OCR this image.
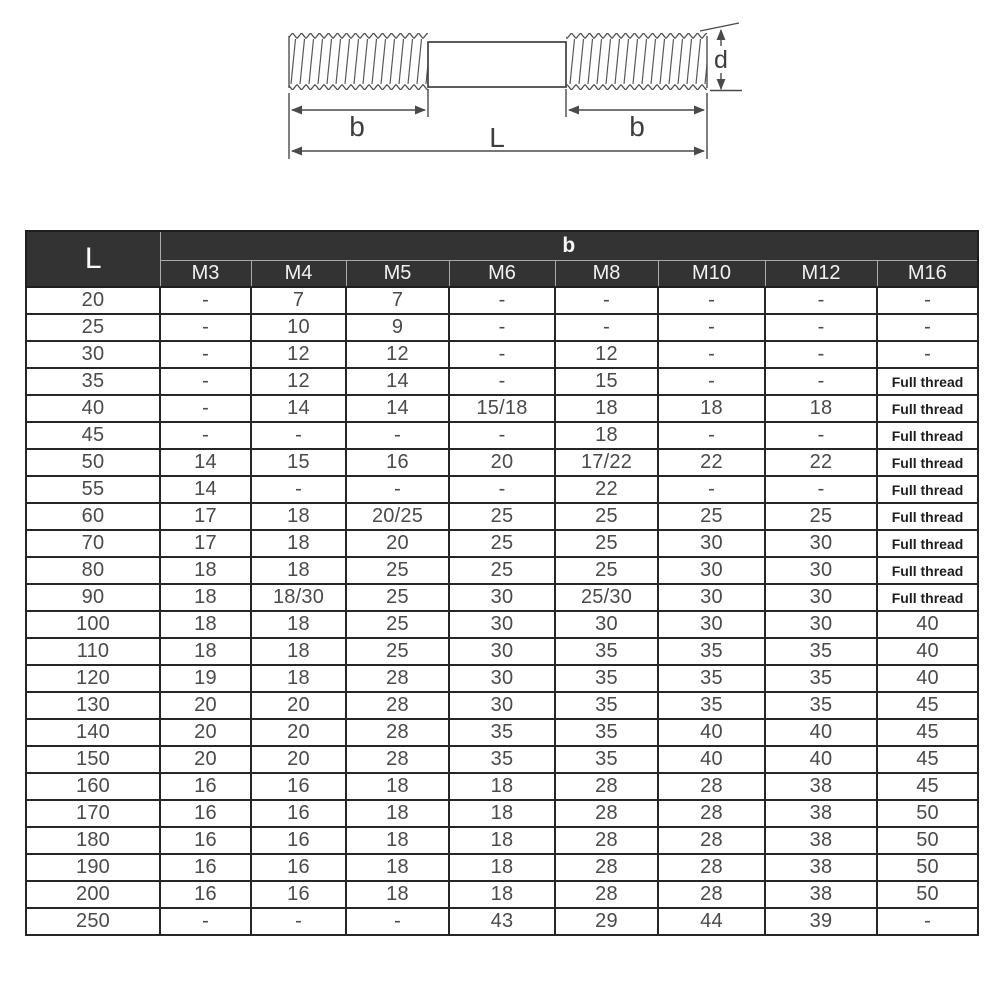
b	b
L
d
L	b							
	M3	M4	M5	M6	M8	M10	M12	M16
20	-	7	7	-	-	-	-	-
25	-	10	9	-	-	-	-	-
30	-	12	12	-	12	-	-	-
35	-	12	14	-	15	-	-	Full thread
40	-	14	14	15/18	18	18	18	Full thread
45	-	-	-	-	18	-	-	Full thread
50	14	15	16	20	17/22	22	22	Full thread
55	14	-	-	-	22	-	-	Full thread
60	17	18	20/25	25	25	25	25	Full thread
70	17	18	20	25	25	30	30	Full thread
80	18	18	25	25	25	30	30	Full thread
90	18	18/30	25	30	25/30	30	30	Full thread
100	18	18	25	30	30	30	30	40
110	18	18	25	30	35	35	35	40
120	19	18	28	30	35	35	35	40
130	20	20	28	30	35	35	35	45
140	20	20	28	35	35	40	40	45
150	20	20	28	35	35	40	40	45
160	16	16	18	18	28	28	38	45
170	16	16	18	18	28	28	38	50
180	16	16	18	18	28	28	38	50
190	16	16	18	18	28	28	38	50
200	16	16	18	18	28	28	38	50
250	-	-	-	43	29	44	39	-
